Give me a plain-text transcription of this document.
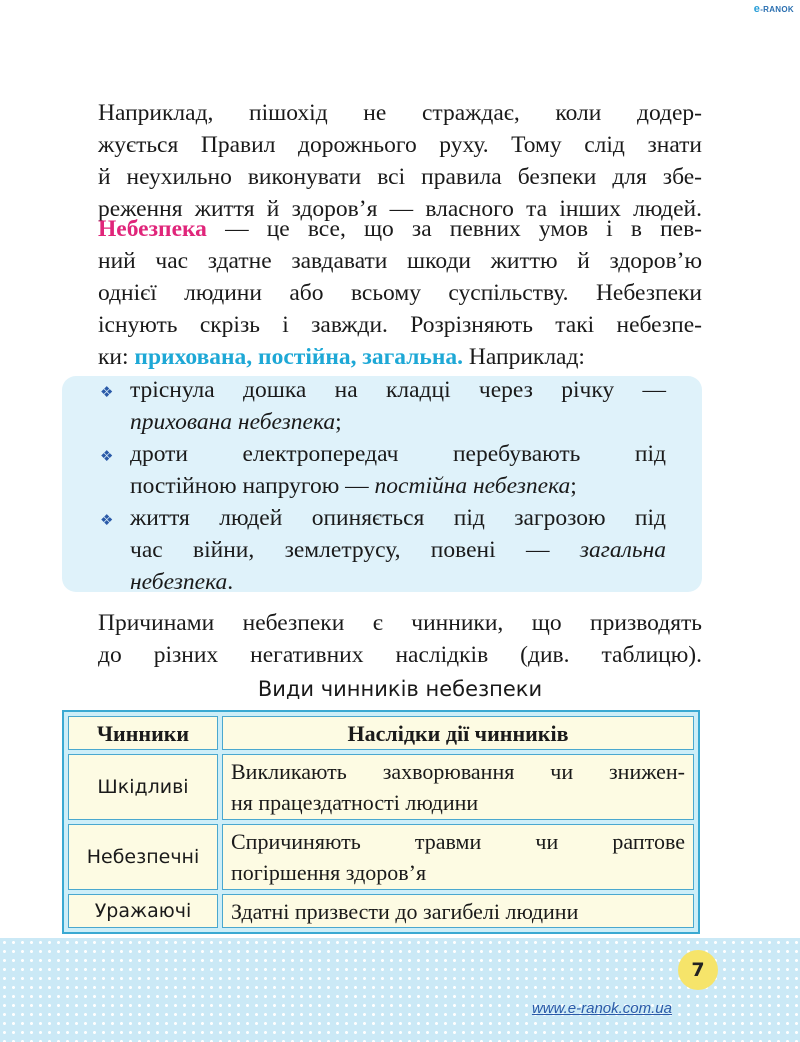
e-RANOK
Наприклад, пішохід не страждає, коли додер-
жується Правил дорожнього руху. Тому слід знати
й неухильно виконувати всі правила безпеки для збе-
реження життя й здоров’я — власного та інших людей.
Небезпека — це все, що за певних умов і в пев-
ний час здатне завдавати шкоди життю й здоров’ю
однієї людини або всьому суспільству. Небезпеки
існують скрізь і завжди. Розрізняють такі небезпе-
ки: прихована, постійна, загальна. Наприклад:
❖ тріснула дошка на кладці через річку —
прихована небезпека;
❖ дроти електропередач перебувають під
постійною напругою — постійна небезпека;
❖ життя людей опиняється під загрозою під
час війни, землетрусу, повені — загальна
небезпека.
Причинами небезпеки є чинники, що призводять
до різних негативних наслідків (див. таблицю).
Види чинників небезпеки
Чинники	Наслідки дії чинників
Шкідливі	Викликають захворювання чи знижен-
ня працездатності людини

Небезпечні	Спричиняють травми чи раптове
погіршення здоров’я

Уражаючі	Здатні призвести до загибелі людини
7
www.e-ranok.com.ua
